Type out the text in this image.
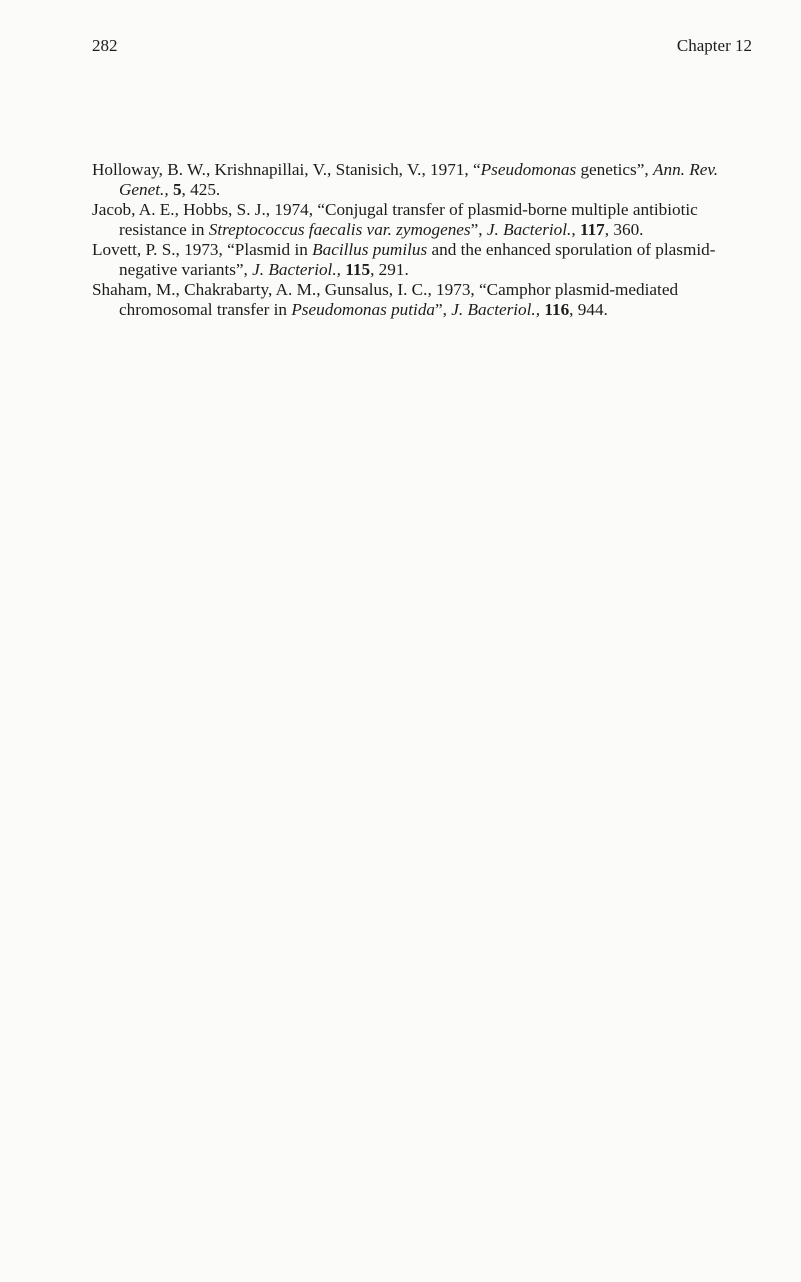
282	Chapter 12

Holloway, B. W., Krishnapillai, V., Stanisich, V., 1971, “Pseudomonas genetics”, Ann. Rev. Genet., 5, 425.

Jacob, A. E., Hobbs, S. J., 1974, “Conjugal transfer of plasmid-borne multiple antibiotic resistance in Streptococcus faecalis var. zymogenes”, J. Bacteriol., 117, 360.

Lovett, P. S., 1973, “Plasmid in Bacillus pumilus and the enhanced sporulation of plasmid-negative variants”, J. Bacteriol., 115, 291.

Shaham, M., Chakrabarty, A. M., Gunsalus, I. C., 1973, “Camphor plasmid-mediated chromosomal transfer in Pseudomonas putida”, J. Bacteriol., 116, 944.
